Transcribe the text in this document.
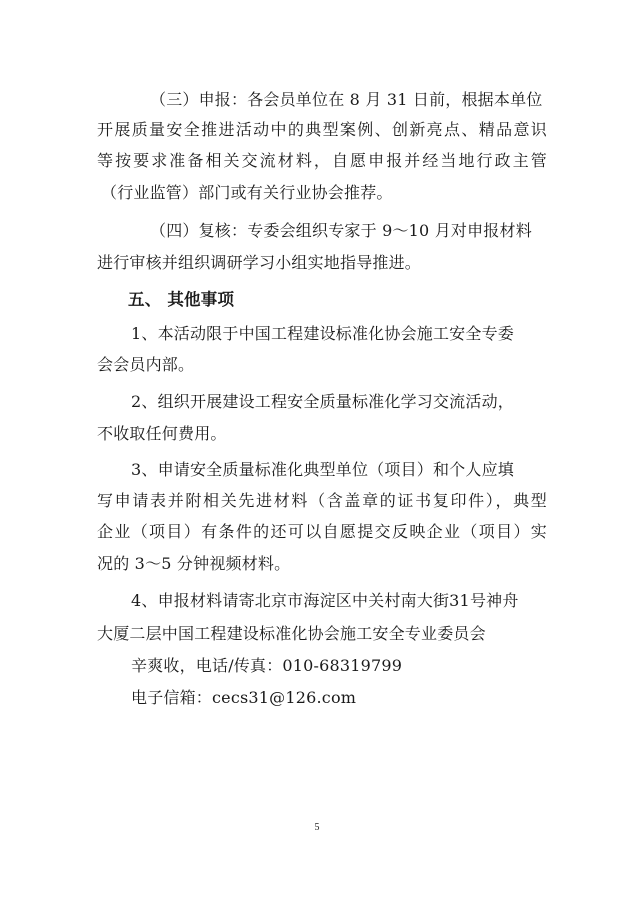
（三）申报：各会员单位在 8 月 31 日前，根据本单位
开展质量安全推进活动中的典型案例、创新亮点、精品意识
等按要求准备相关交流材料，自愿申报并经当地行政主管
（行业监管）部门或有关行业协会推荐。
（四）复核：专委会组织专家于 9～10 月对申报材料
进行审核并组织调研学习小组实地指导推进。
五、 其他事项
1、本活动限于中国工程建设标准化协会施工安全专委
会会员内部。
2、组织开展建设工程安全质量标准化学习交流活动，
不收取任何费用。
3、申请安全质量标准化典型单位（项目）和个人应填
写申请表并附相关先进材料（含盖章的证书复印件），典型
企业（项目）有条件的还可以自愿提交反映企业（项目）实
况的 3～5 分钟视频材料。
4、申报材料请寄北京市海淀区中关村南大街31号神舟
大厦二层中国工程建设标准化协会施工安全专业委员会
辛爽收，电话/传真：010-68319799
电子信箱：cecs31@126.com
5
